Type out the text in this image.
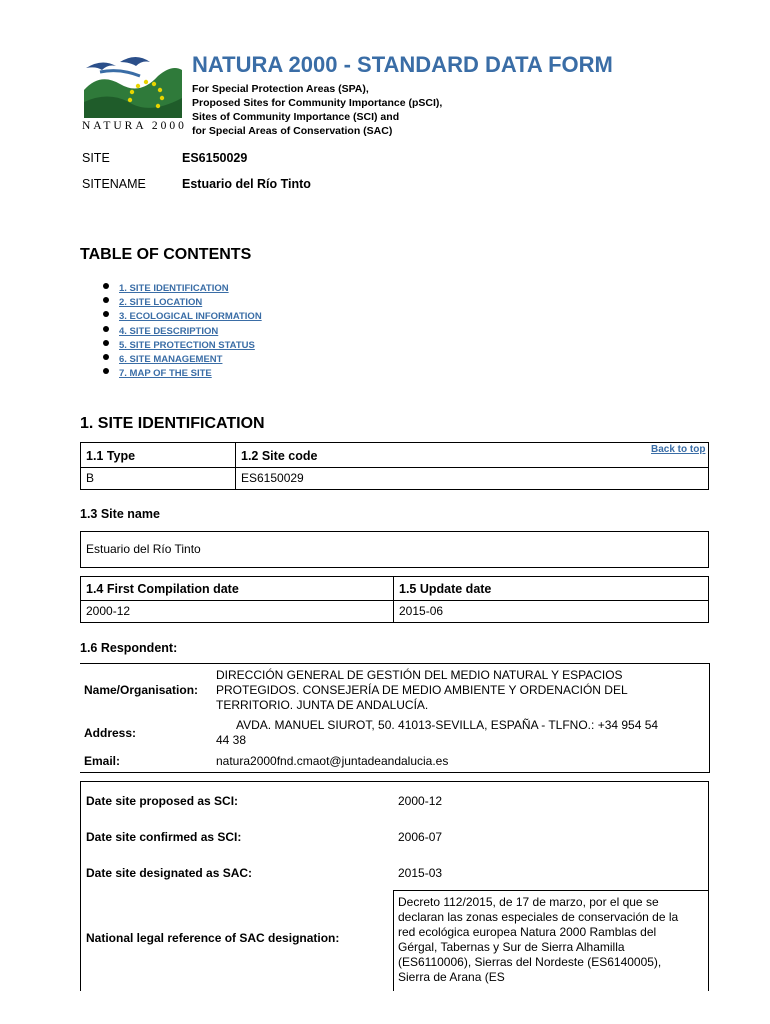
NATURA 2000
NATURA 2000 - STANDARD DATA FORM
For Special Protection Areas (SPA),
Proposed Sites for Community Importance (pSCI),
Sites of Community Importance (SCI) and
for Special Areas of Conservation (SAC)
SITE	ES6150029
SITENAME	Estuario del Río Tinto
TABLE OF CONTENTS
1. SITE IDENTIFICATION
2. SITE LOCATION
3. ECOLOGICAL INFORMATION
4. SITE DESCRIPTION
5. SITE PROTECTION STATUS
6. SITE MANAGEMENT
7. MAP OF THE SITE
1. SITE IDENTIFICATION
Back to top
1.1 Type	1.2 Site code
B	ES6150029
1.3 Site name
Estuario del Río Tinto
1.4 First Compilation date	1.5 Update date
2000-12	2015-06
1.6 Respondent:
Name/Organisation:
DIRECCIÓN GENERAL DE GESTIÓN DEL MEDIO NATURAL Y ESPACIOS
PROTEGIDOS. CONSEJERÍA DE MEDIO AMBIENTE Y ORDENACIÓN DEL
TERRITORIO. JUNTA DE ANDALUCÍA.
Address:
AVDA. MANUEL SIUROT, 50. 41013-SEVILLA, ESPAÑA - TLFNO.: +34 954 54
44 38
Email:	natura2000fnd.cmaot@juntadeandalucia.es
Date site proposed as SCI:	2000-12
Date site confirmed as SCI:	2006-07
Date site designated as SAC:	2015-03
National legal reference of SAC designation:
Decreto 112/2015, de 17 de marzo, por el que se
declaran las zonas especiales de conservación de la
red ecológica europea Natura 2000 Ramblas del
Gérgal, Tabernas y Sur de Sierra Alhamilla
(ES6110006), Sierras del Nordeste (ES6140005),
Sierra de Arana (ES
